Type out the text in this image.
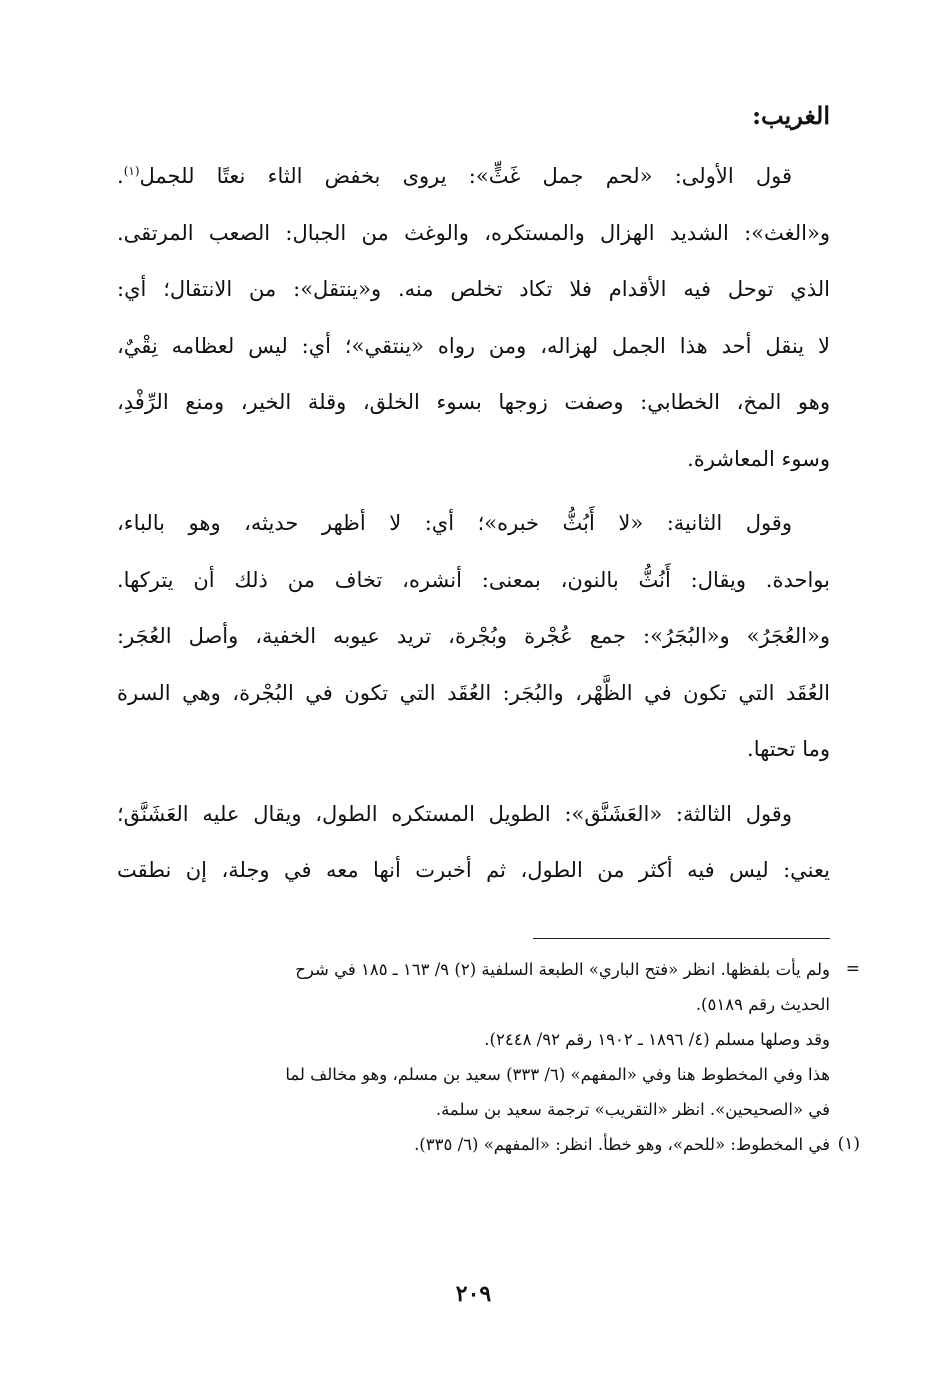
الغريب:
قول الأولى: «لحم جمل غَثٍّ»: يروى بخفض الثاء نعتًا للجمل$^{(١)}$.
و«الغث»: الشديد الهزال والمستكره، والوغث من الجبال: الصعب المرتقى.
الذي توحل فيه الأقدام فلا تكاد تخلص منه. و«ينتقل»: من الانتقال؛ أي:
لا ينقل أحد هذا الجمل لهزاله، ومن رواه «ينتقي»؛ أي: ليس لعظامه نِقْيٌ،
وهو المخ، الخطابي: وصفت زوجها بسوء الخلق، وقلة الخير، ومنع الرِّفْدِ،
وسوء المعاشرة.
وقول الثانية: «لا أَبُثُّ خبره»؛ أي: لا أظهر حديثه، وهو بالباء،
بواحدة. ويقال: أَنُثُّ بالنون، بمعنى: أنشره، تخاف من ذلك أن يتركها.
و«العُجَرُ» و«البُجَرُ»: جمع عُجْرة وبُجْرة، تريد عيوبه الخفية، وأصل العُجَر:
العُقَد التي تكون في الظَّهْر، والبُجَر: العُقَد التي تكون في البُجْرة، وهي السرة
وما تحتها.
وقول الثالثة: «العَشَنَّق»: الطويل المستكره الطول، ويقال عليه العَشَنَّق؛
يعني: ليس فيه أكثر من الطول، ثم أخبرت أنها معه في وجلة، إن نطقت
=
ولم يأت بلفظها. انظر «فتح الباري» الطبعة السلفية (٢) ٩/ ١٦٣ ـ ١٨٥ في شرح
الحديث رقم ٥١٨٩).
وقد وصلها مسلم (٤/ ١٨٩٦ ـ ١٩٠٢ رقم ٩٢/ ٢٤٤٨).
هذا وفي المخطوط هنا وفي «المفهم» (٦/ ٣٣٣) سعيد بن مسلم، وهو مخالف لما
في «الصحيحين». انظر «التقريب» ترجمة سعيد بن سلمة.
(١)
في المخطوط: «للحم»، وهو خطأ. انظر: «المفهم» (٦/ ٣٣٥).
٢٠٩
